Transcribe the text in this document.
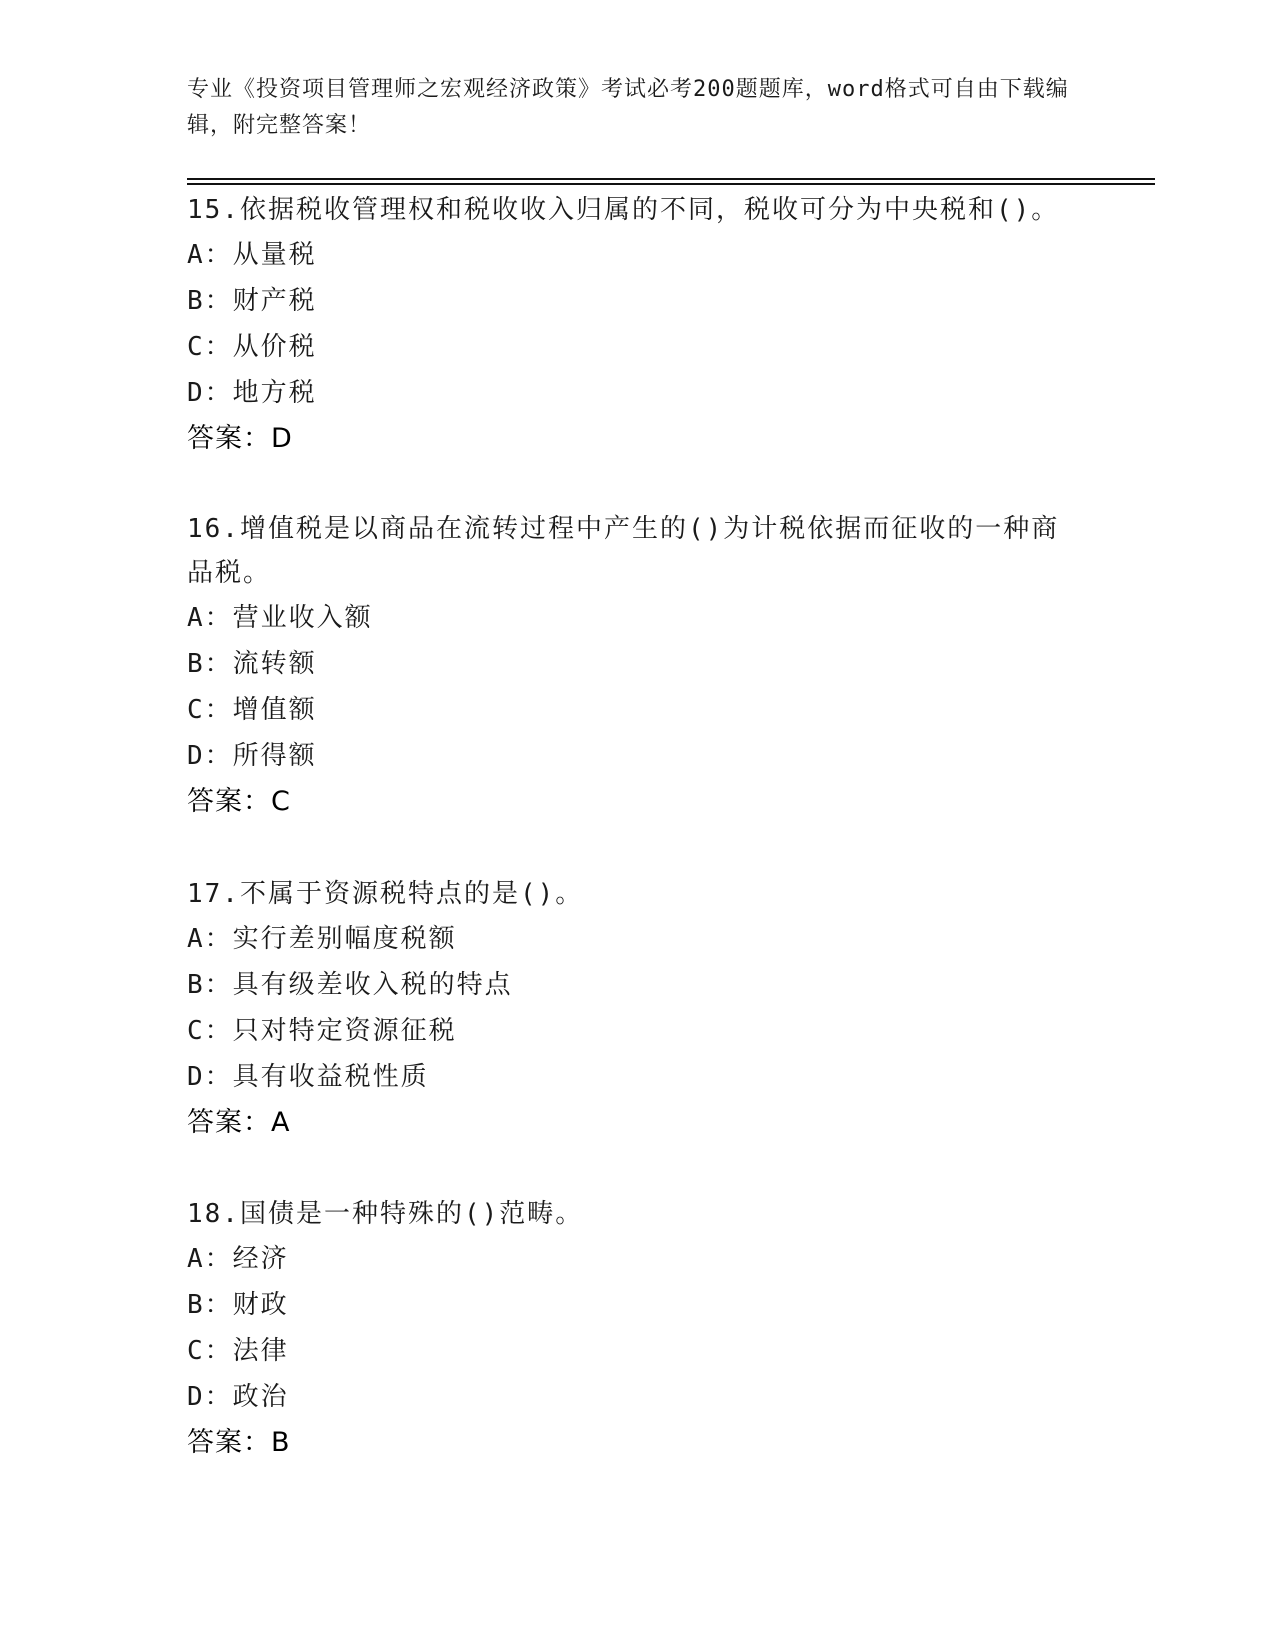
专业《投资项目管理师之宏观经济政策》考试必考200题题库，word格式可自由下载编辑，附完整答案！
15.依据税收管理权和税收收入归属的不同，税收可分为中央税和()。
A：从量税
B：财产税
C：从价税
D：地方税
答案：D
16.增值税是以商品在流转过程中产生的()为计税依据而征收的一种商品税。
A：营业收入额
B：流转额
C：增值额
D：所得额
答案：C
17.不属于资源税特点的是()。
A：实行差别幅度税额
B：具有级差收入税的特点
C：只对特定资源征税
D：具有收益税性质
答案：A
18.国债是一种特殊的()范畴。
A：经济
B：财政
C：法律
D：政治
答案：B
